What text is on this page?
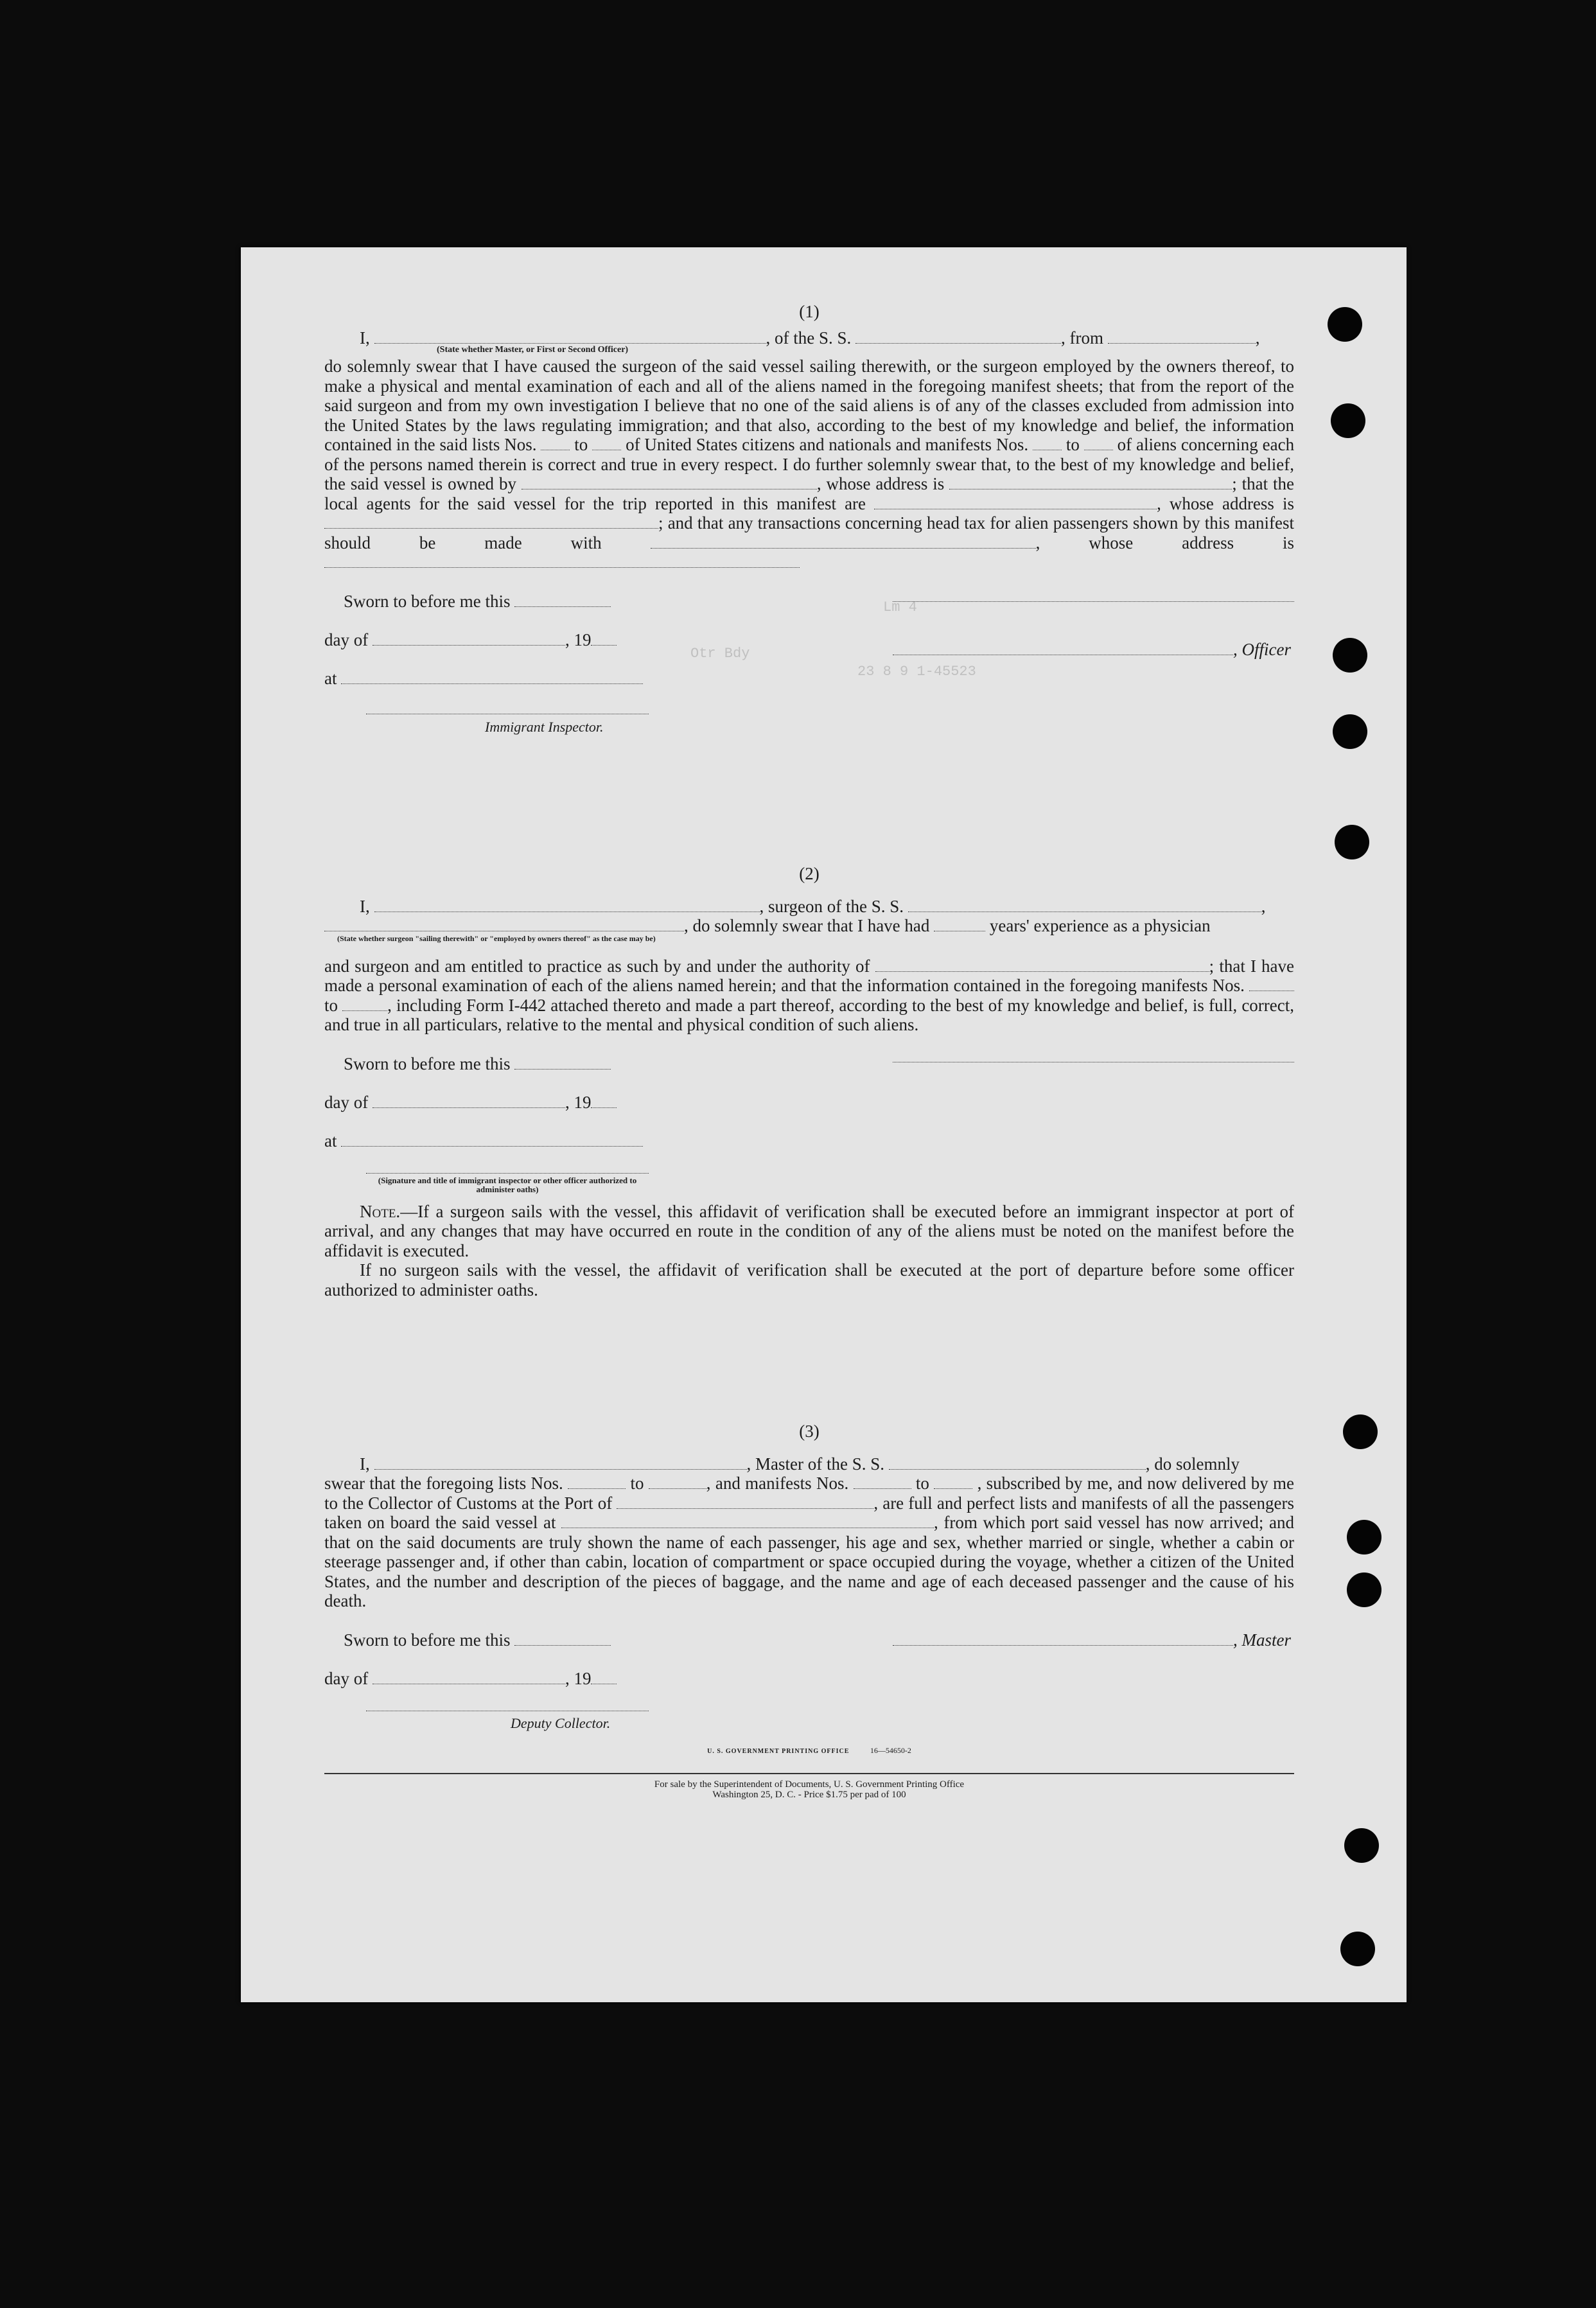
Lm 4
Otr Bdy
23 8 9 1-45523
(1)
I,	, of the S. S.	, from	,
(State whether Master, or First or Second Officer)
do solemnly swear that I have caused the surgeon of the said vessel sailing therewith, or the surgeon employed by the owners thereof, to make a physical and mental examination of each and all of the aliens named in the foregoing manifest sheets; that from the report of the said surgeon and from my own investigation I believe that no one of the said aliens is of any of the classes excluded from admission into the United States by the laws regulating immigration; and that also, according to the best of my knowledge and belief, the information contained in the said lists Nos. to of United States citizens and nationals and manifests Nos. to of aliens concerning each of the persons named therein is correct and true in every respect. I do further solemnly swear that, to the best of my knowledge and belief, the said vessel is owned by	, whose address is	; that the local agents for the said vessel for the trip reported in this manifest are	, whose address is ; and that any transactions concerning head tax for alien passengers shown by this manifest should be made with	, whose address is
Sworn to before me this
day of	, 19
at
Immigrant Inspector.
, Officer
(2)
I,	, surgeon of the S. S.	,
, do solemnly swear that I have had	years' experience as a physician
(State whether surgeon "sailing therewith" or "employed by owners thereof" as the case may be)
and surgeon and am entitled to practice as such by and under the authority of	; that I have made a personal examination of each of the aliens named herein; and that the information contained in the foregoing manifests Nos.  to	, including Form I-442 attached thereto and made a part thereof, according to the best of my knowledge and belief, is full, correct, and true in all particulars, relative to the mental and physical condition of such aliens.
Sworn to before me this
day of	, 19
at
(Signature and title of immigrant inspector or other officer authorized to administer oaths)
Note.—If a surgeon sails with the vessel, this affidavit of verification shall be executed before an immigrant inspector at port of arrival, and any changes that may have occurred en route in the condition of any of the aliens must be noted on the manifest before the affidavit is executed.
If no surgeon sails with the vessel, the affidavit of verification shall be executed at the port of departure before some officer authorized to administer oaths.
(3)
I,	, Master of the S. S.	, do solemnly
swear that the foregoing lists Nos.	to	, and manifests Nos.	to	, subscribed by me, and now delivered by me to the Collector of Customs at the Port of	, are full and perfect lists and manifests of all the passengers taken on board the said vessel at	, from which port said vessel has now arrived; and that on the said documents are truly shown the name of each passenger, his age and sex, whether married or single, whether a cabin or steerage passenger and, if other than cabin, location of compartment or space occupied during the voyage, whether a citizen of the United States, and the number and description of the pieces of baggage, and the name and age of each deceased passenger and the cause of his death.
Sworn to before me this	, Master
day of	, 19
Deputy Collector.
U. S. GOVERNMENT PRINTING OFFICE	16—54650-2
For sale by the Superintendent of Documents, U. S. Government Printing Office
Washington 25, D. C. - Price $1.75 per pad of 100
